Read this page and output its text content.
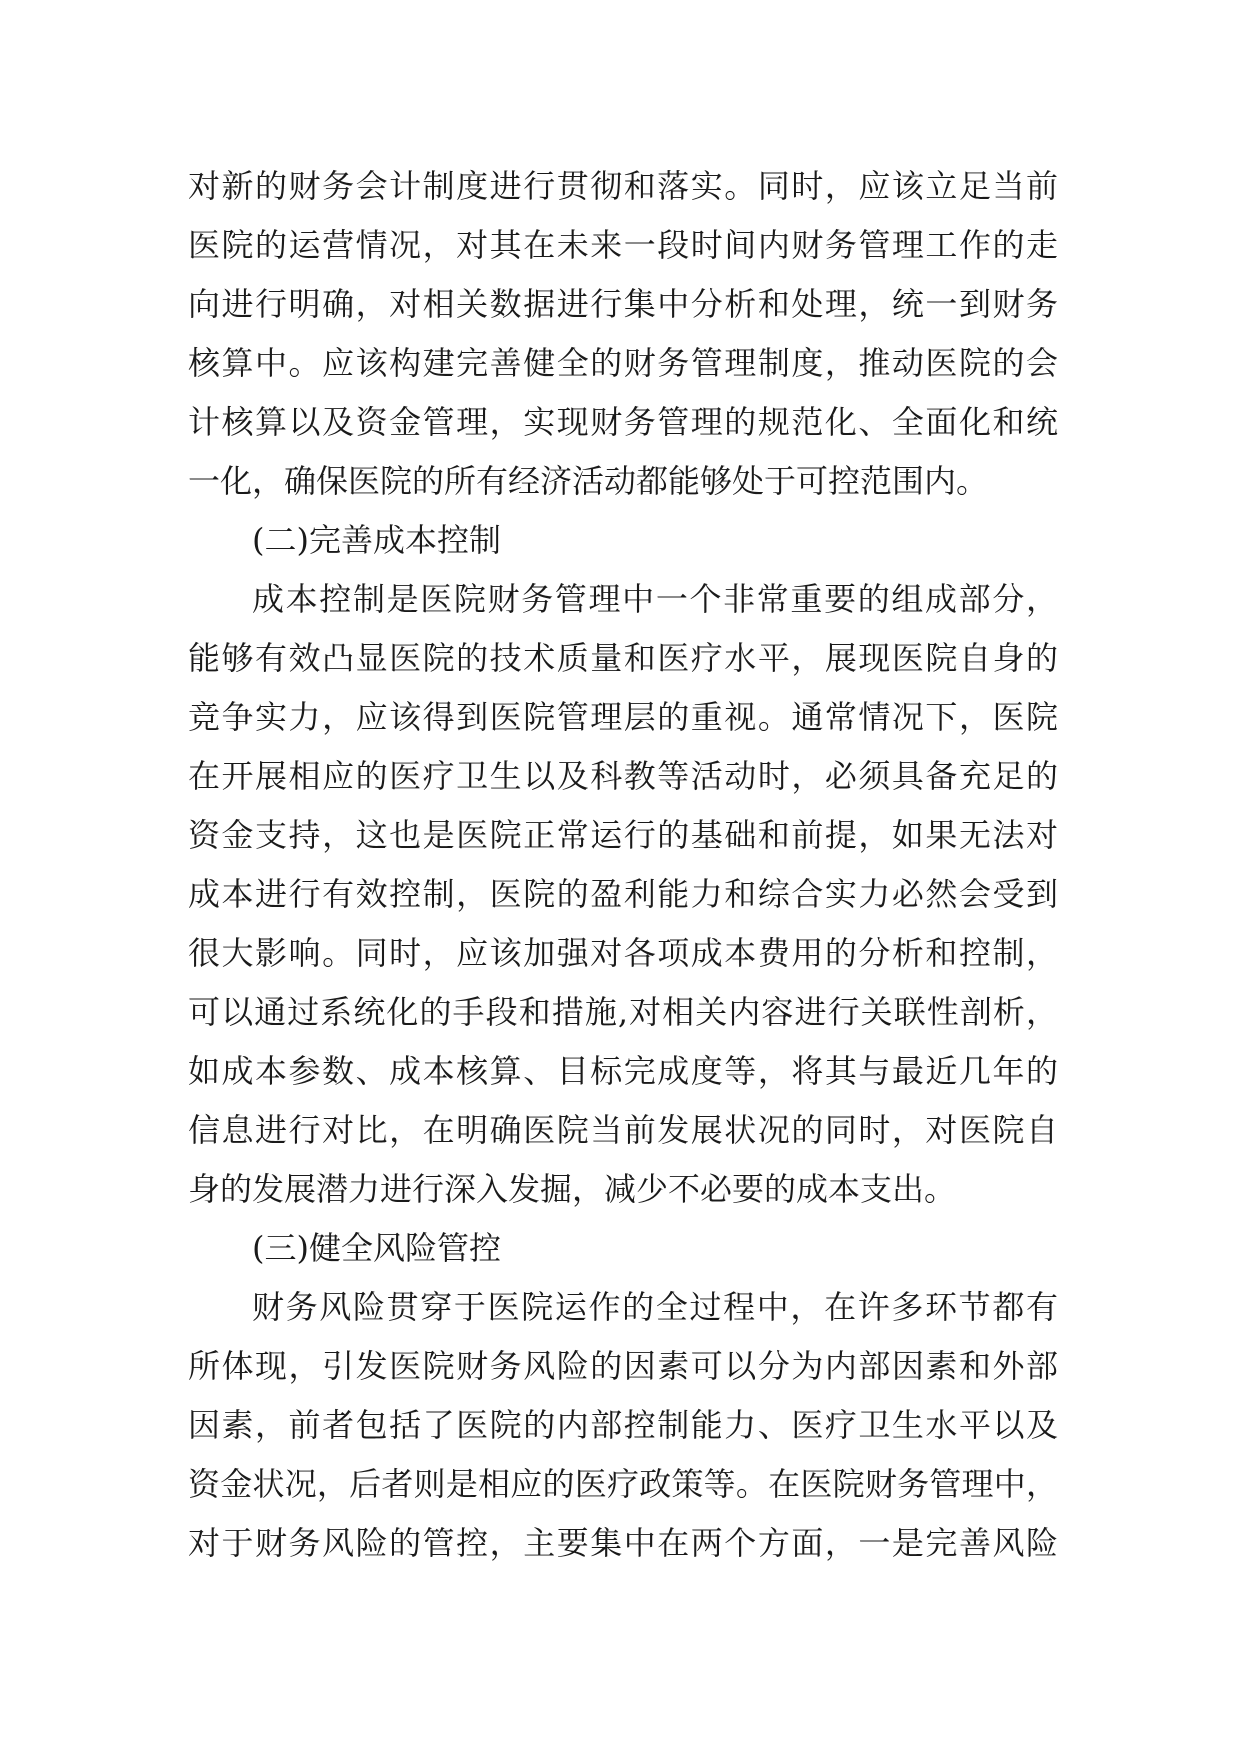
对新的财务会计制度进行贯彻和落实。同时，应该立足当前
医院的运营情况，对其在未来一段时间内财务管理工作的走
向进行明确，对相关数据进行集中分析和处理，统一到财务
核算中。应该构建完善健全的财务管理制度，推动医院的会
计核算以及资金管理，实现财务管理的规范化、全面化和统
一化，确保医院的所有经济活动都能够处于可控范围内。
(二)完善成本控制
成本控制是医院财务管理中一个非常重要的组成部分，
能够有效凸显医院的技术质量和医疗水平，展现医院自身的
竞争实力，应该得到医院管理层的重视。通常情况下，医院
在开展相应的医疗卫生以及科教等活动时，必须具备充足的
资金支持，这也是医院正常运行的基础和前提，如果无法对
成本进行有效控制，医院的盈利能力和综合实力必然会受到
很大影响。同时，应该加强对各项成本费用的分析和控制，
可以通过系统化的手段和措施,对相关内容进行关联性剖析，
如成本参数、成本核算、目标完成度等，将其与最近几年的
信息进行对比，在明确医院当前发展状况的同时，对医院自
身的发展潜力进行深入发掘，减少不必要的成本支出。
(三)健全风险管控
财务风险贯穿于医院运作的全过程中，在许多环节都有
所体现，引发医院财务风险的因素可以分为内部因素和外部
因素，前者包括了医院的内部控制能力、医疗卫生水平以及
资金状况，后者则是相应的医疗政策等。在医院财务管理中，
对于财务风险的管控，主要集中在两个方面，一是完善风险
